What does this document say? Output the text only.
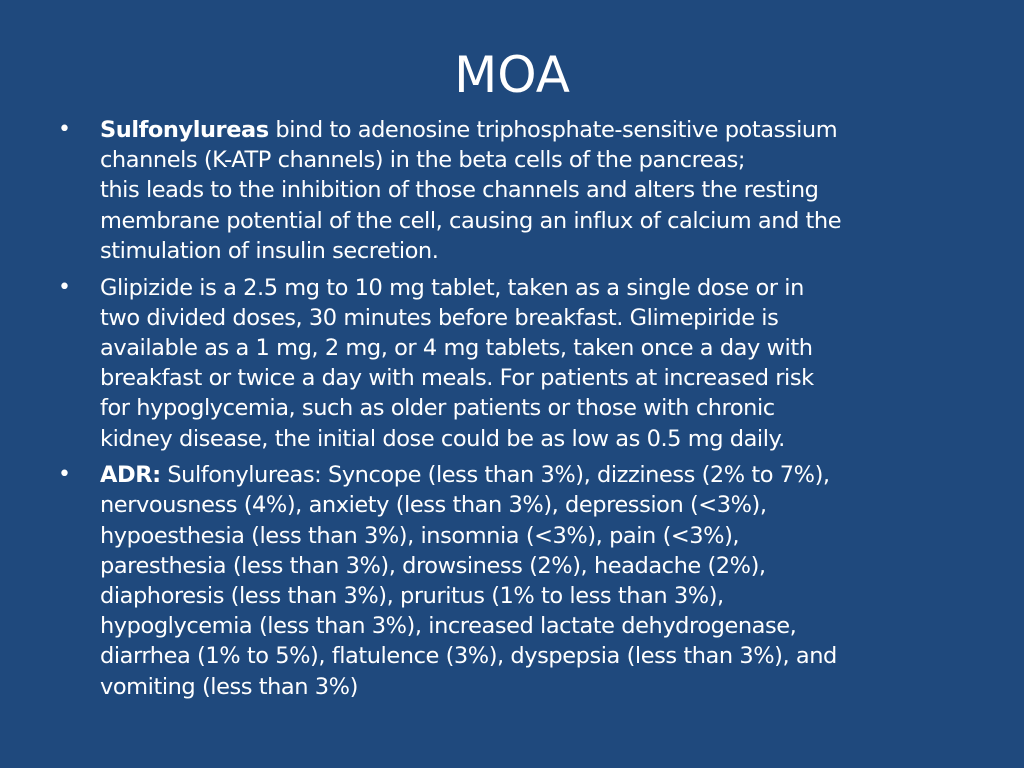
MOA
•	Sulfonylureas bind to adenosine triphosphate-sensitive potassium
channels (K-ATP channels) in the beta cells of the pancreas;
this leads to the inhibition of those channels and alters the resting
membrane potential of the cell, causing an influx of calcium and the
stimulation of insulin secretion.
•	Glipizide is a 2.5 mg to 10 mg tablet, taken as a single dose or in
two divided doses, 30 minutes before breakfast. Glimepiride is
available as a 1 mg, 2 mg, or 4 mg tablets, taken once a day with
breakfast or twice a day with meals. For patients at increased risk
for hypoglycemia, such as older patients or those with chronic
kidney disease, the initial dose could be as low as 0.5 mg daily.
•	ADR: Sulfonylureas: Syncope (less than 3%), dizziness (2% to 7%),
nervousness (4%), anxiety (less than 3%), depression (<3%),
hypoesthesia (less than 3%), insomnia (<3%), pain (<3%),
paresthesia (less than 3%), drowsiness (2%), headache (2%),
diaphoresis (less than 3%), pruritus (1% to less than 3%),
hypoglycemia (less than 3%), increased lactate dehydrogenase,
diarrhea (1% to 5%), flatulence (3%), dyspepsia (less than 3%), and
vomiting (less than 3%)
